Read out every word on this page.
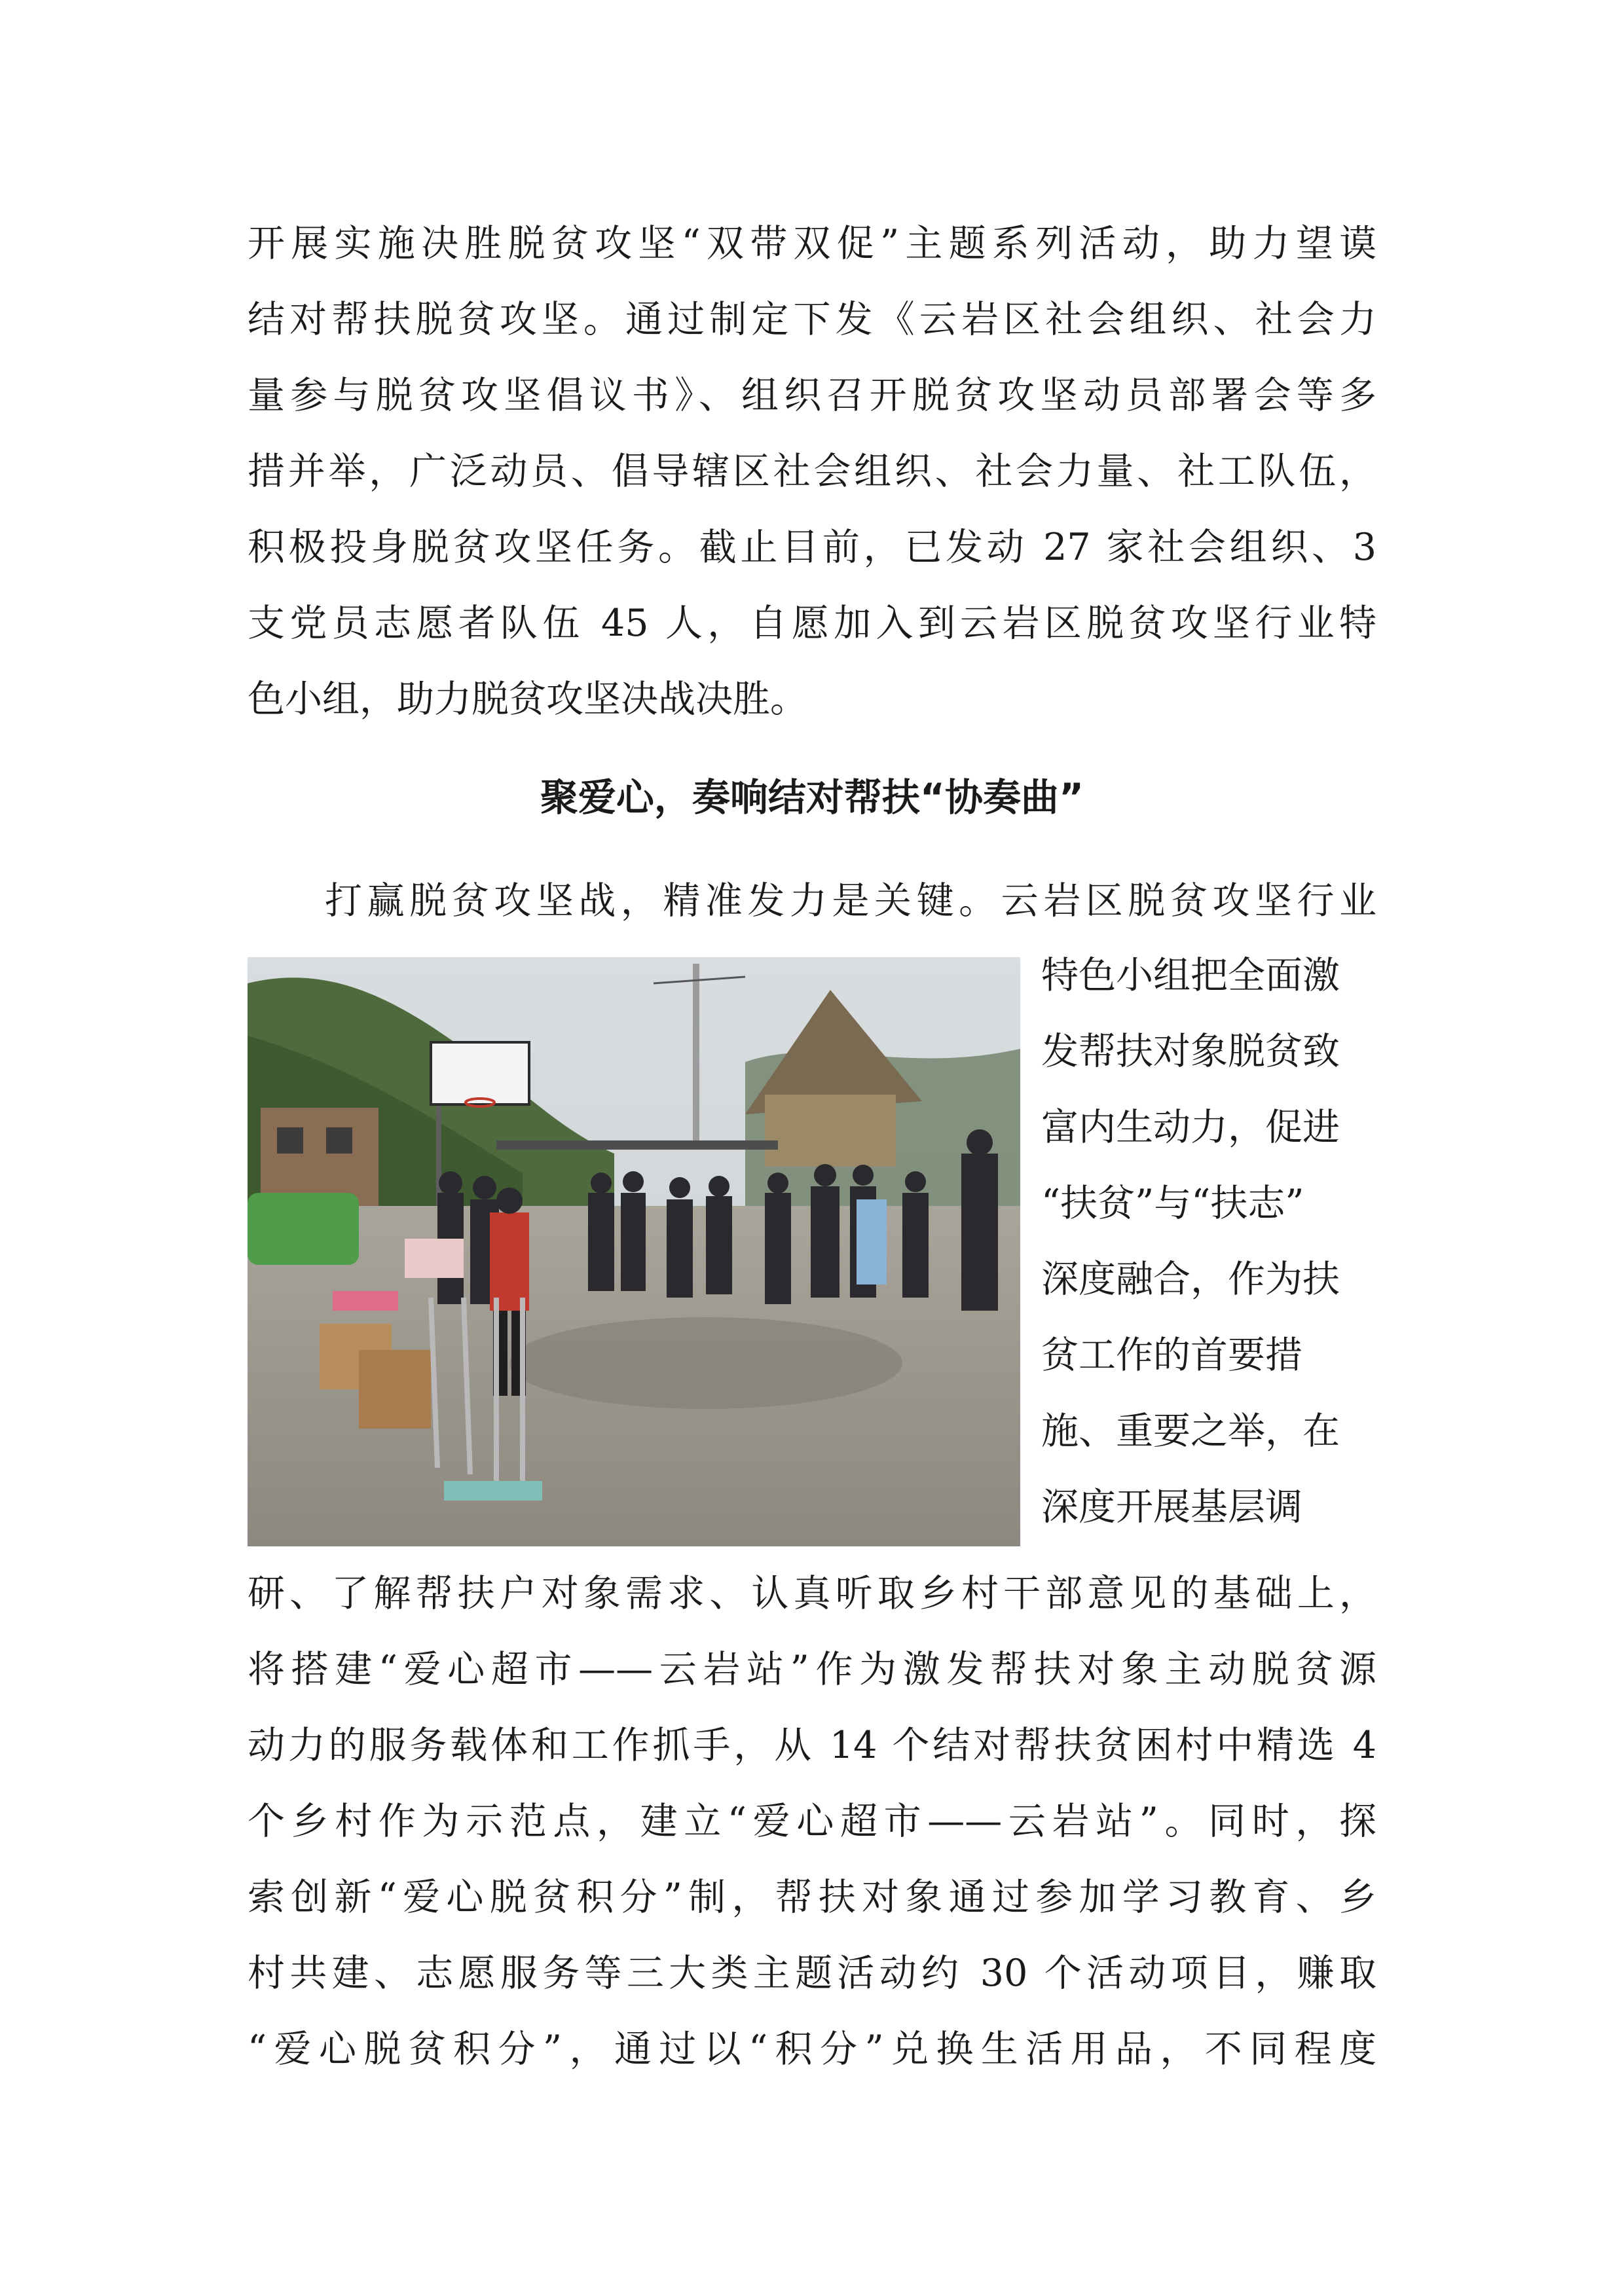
开展实施决胜脱贫攻坚“双带双促”主题系列活动，助力望谟
结对帮扶脱贫攻坚。通过制定下发《云岩区社会组织、社会力
量参与脱贫攻坚倡议书》、组织召开脱贫攻坚动员部署会等多
措并举，广泛动员、倡导辖区社会组织、社会力量、社工队伍，
积极投身脱贫攻坚任务。截止目前，已发动 27 家社会组织、3
支党员志愿者队伍 45 人，自愿加入到云岩区脱贫攻坚行业特
色小组，助力脱贫攻坚决战决胜。
聚爱心，奏响结对帮扶“协奏曲”
打赢脱贫攻坚战，精准发力是关键。云岩区脱贫攻坚行业
特色小组把全面激
发帮扶对象脱贫致
富内生动力，促进
“扶贫”与“扶志”
深度融合，作为扶
贫工作的首要措
施、重要之举，在
深度开展基层调
研、了解帮扶户对象需求、认真听取乡村干部意见的基础上，
将搭建“爱心超市——云岩站”作为激发帮扶对象主动脱贫源
动力的服务载体和工作抓手，从 14 个结对帮扶贫困村中精选 4
个乡村作为示范点，建立“爱心超市——云岩站”。同时，探
索创新“爱心脱贫积分”制，帮扶对象通过参加学习教育、乡
村共建、志愿服务等三大类主题活动约 30 个活动项目，赚取
“爱心脱贫积分”，通过以“积分”兑换生活用品，不同程度
